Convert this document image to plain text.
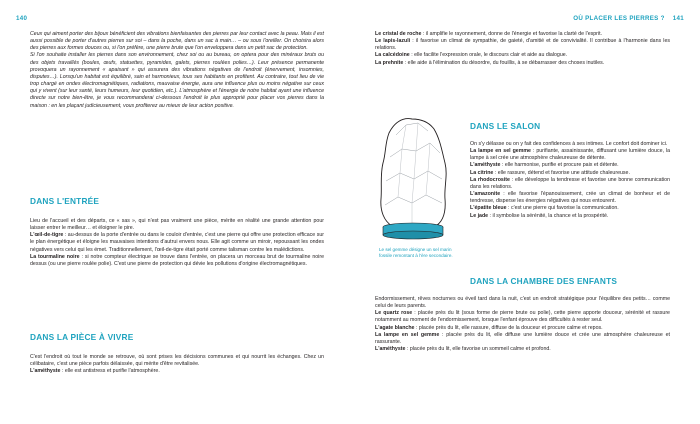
140	OÙ PLACER LES PIERRES ? 141

Ceux qui aiment porter des bijoux bénéficient des vibrations bienfaisantes des pierres par leur contact avec la peau. Mais il est aussi possible de porter d'autres pierres sur soi – dans la poche, dans un sac à main… – ou sous l'oreiller. On choisira alors des pierres aux formes douces ou, si l'on préfère, une pierre brute que l'on enveloppera dans un petit sac de protection.

Si l'on souhaite installer les pierres dans son environnement, chez soi ou au bureau, on optera pour des minéraux bruts ou des objets travaillés (boules, œufs, statuettes, pyramides, galets, pierres roulées polies…). Leur présence permanente provoquera un rayonnement « apaisant » qui assurera des vibrations négatives de l'endroit (énervement, insomnies, disputes…). Lorsqu'un habitat est équilibré, sain et harmonieux, tous ses habitants en profitent. Au contraire, tout lieu de vie trop chargé en ondes électromagnétiques, radiations, mauvaise énergie, aura une influence plus ou moins négative sur ceux qui y vivent (sur leur santé, leurs humeurs, leur quotidien, etc.). L'atmosphère et l'énergie de notre habitat ayant une influence directe sur notre bien-être, je vous recommanderai ci-dessous l'endroit le plus approprié pour placer vos pierres dans la maison : en les plaçant judicieusement, vous profiterez au mieux de leur action positive.

DANS L'ENTRÉE

Lieu de l'accueil et des départs, ce « sas », qui n'est pas vraiment une pièce, mérite en réalité une grande attention pour laisser entrer le meilleur… et éloigner le pire.

L'œil-de-tigre : au-dessus de la porte d'entrée ou dans le couloir d'entrée, c'est une pierre qui offre une protection efficace sur le plan énergétique et éloigne les mauvaises intentions d'autrui envers nous. Elle agit comme un miroir, repoussant les ondes négatives vers celui qui les émet. Traditionnellement, l'œil-de-tigre était porté comme talisman contre les malédictions.

La tourmaline noire : si notre compteur électrique se trouve dans l'entrée, on placera un morceau brut de tourmaline noire dessus (ou une pierre roulée polie). C'est une pierre de protection qui dévie les pollutions d'origine électromagnétiques.

DANS LA PIÈCE À VIVRE

C'est l'endroit où tout le monde se retrouve, où sont prises les décisions communes et qui nourrit les échanges. Chez un célibataire, c'est une pièce parfois délaissée, qui mérite d'être revitalisée.

L'améthyste : elle est antistress et purifie l'atmosphère.

Le cristal de roche : il amplifie le rayonnement, donne de l'énergie et favorise la clarté de l'esprit.

Le lapis-lazuli : il favorise un climat de sympathie, de gaieté, d'amitié et de convivialité. Il contribue à l'harmonie dans les relations.

La calcédoine : elle facilite l'expression orale, le discours clair et aide au dialogue.

La prehnite : elle aide à l'élimination du désordre, du fouillis, à se débarrasser des choses inutiles.

Le sel gemme désigne un sel marin fossile remontant à l'ère secondaire.
DANS LE SALON

On s'y délasse ou on y fait des confidences à ses intimes. Le confort doit dominer ici.

La lampe en sel gemme : purifiante, assainissante, diffusant une lumière douce, la lampe à sel crée une atmosphère chaleureuse de détente.

L'améthyste : elle harmonise, purifie et procure paix et détente.

La citrine : elle rassure, détend et favorise une attitude chaleureuse.

La rhodocrosite : elle développe la tendresse et favorise une bonne communication dans les relations.

L'amazonite : elle favorise l'épanouissement, crée un climat de bonheur et de tendresse, disperse les énergies négatives qui nous entourent.

L'épatite bleue : c'est une pierre qui favorise la communication.

Le jade : il symbolise la sérénité, la chance et la prospérité.

DANS LA CHAMBRE DES ENFANTS

Endormissement, rêves nocturnes ou éveil tard dans la nuit, c'est un endroit stratégique pour l'équilibre des petits… comme celui de leurs parents.

Le quartz rose : placée près du lit (sous forme de pierre brute ou polie), cette pierre apporte douceur, sérénité et rassure notamment au moment de l'endormissement, lorsque l'enfant éprouve des difficultés à rester seul.

L'agate blanche : placée près du lit, elle rassure, diffuse de la douceur et procure calme et repos.

La lampe en sel gemme : placée près du lit, elle diffuse une lumière douce et crée une atmosphère chaleureuse et rassurante.

L'améthyste : placée près du lit, elle favorise un sommeil calme et profond.
